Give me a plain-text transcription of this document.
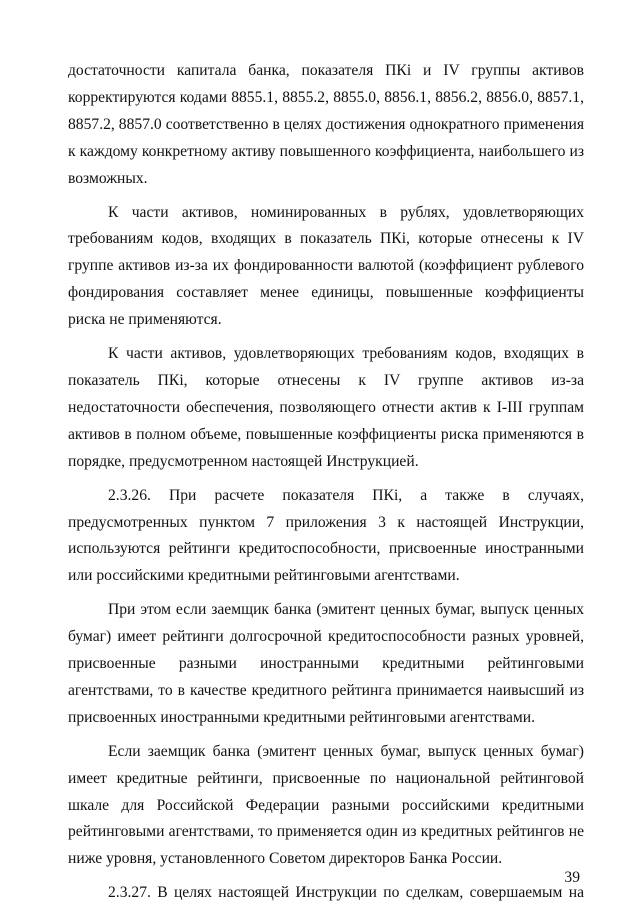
достаточности капитала банка, показателя ПКi и IV группы активов корректируются кодами 8855.1, 8855.2, 8855.0, 8856.1, 8856.2, 8856.0, 8857.1, 8857.2, 8857.0 соответственно в целях достижения однократного применения к каждому конкретному активу повышенного коэффициента, наибольшего из возможных.

К части активов, номинированных в рублях, удовлетворяющих требованиям кодов, входящих в показатель ПКi, которые отнесены к IV группе активов из-за их фондированности валютой (коэффициент рублевого фондирования составляет менее единицы, повышенные коэффициенты риска не применяются.

К части активов, удовлетворяющих требованиям кодов, входящих в показатель ПКi, которые отнесены к IV группе активов из-за недостаточности обеспечения, позволяющего отнести актив к I-III группам активов в полном объеме, повышенные коэффициенты риска применяются в порядке, предусмотренном настоящей Инструкцией.

2.3.26. При расчете показателя ПКi, а также в случаях, предусмотренных пунктом 7 приложения 3 к настоящей Инструкции, используются рейтинги кредитоспособности, присвоенные иностранными или российскими кредитными рейтинговыми агентствами.

При этом если заемщик банка (эмитент ценных бумаг, выпуск ценных бумаг) имеет рейтинги долгосрочной кредитоспособности разных уровней, присвоенные разными иностранными кредитными рейтинговыми агентствами, то в качестве кредитного рейтинга принимается наивысший из присвоенных иностранными кредитными рейтинговыми агентствами.

Если заемщик банка (эмитент ценных бумаг, выпуск ценных бумаг) имеет кредитные рейтинги, присвоенные по национальной рейтинговой шкале для Российской Федерации разными российскими кредитными рейтинговыми агентствами, то применяется один из кредитных рейтингов не ниже уровня, установленного Советом директоров Банка России.

2.3.27. В целях настоящей Инструкции по сделкам, совершаемым на

39
